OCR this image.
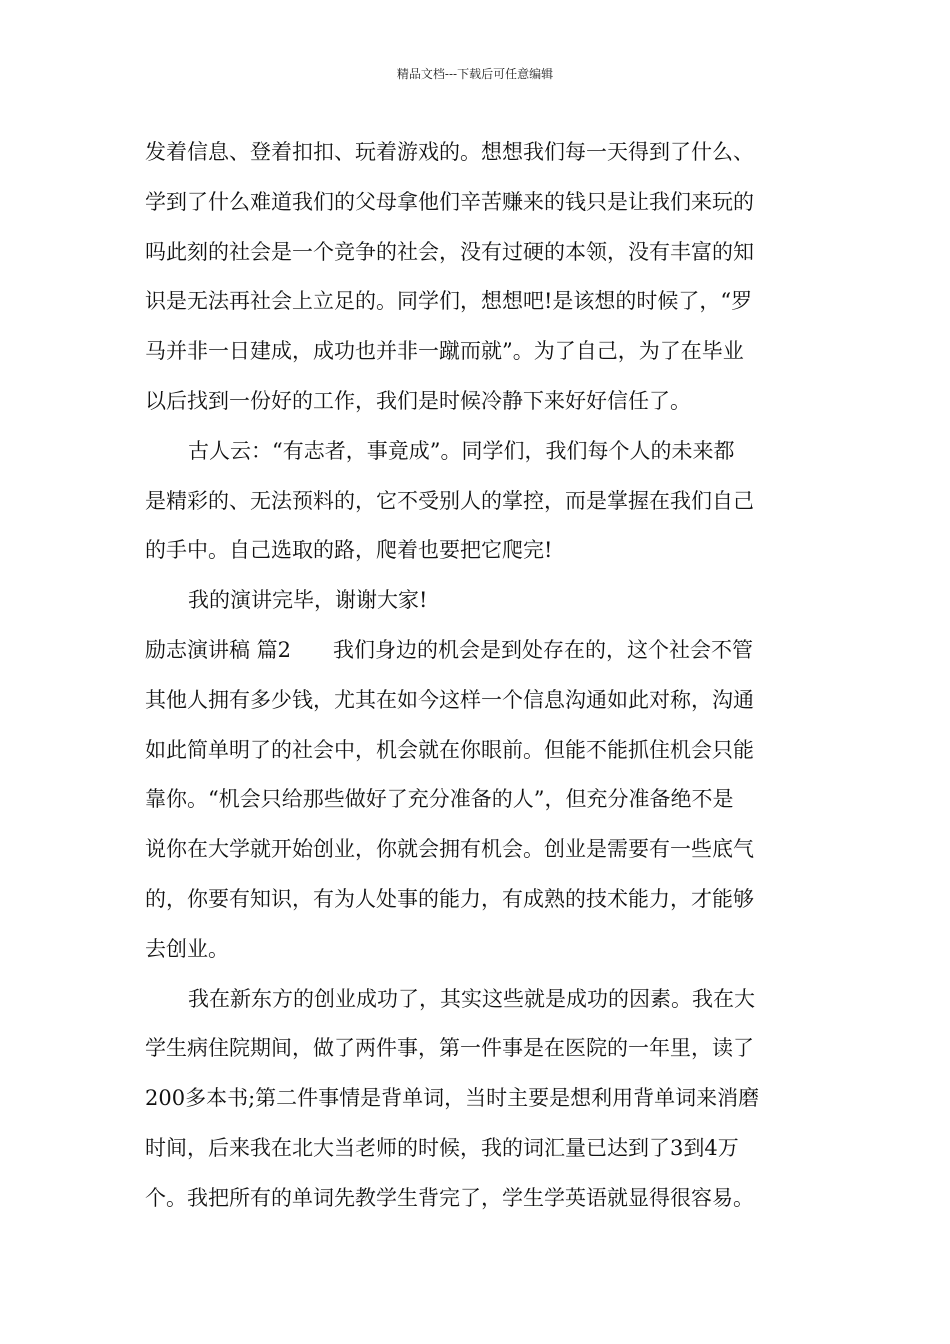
精品文档---下载后可任意编辑
发着信息、登着扣扣、玩着游戏的。想想我们每一天得到了什么、
学到了什么难道我们的父母拿他们辛苦赚来的钱只是让我们来玩的
吗此刻的社会是一个竞争的社会，没有过硬的本领，没有丰富的知
识是无法再社会上立足的。同学们，想想吧!是该想的时候了，“罗
马并非一日建成，成功也并非一蹴而就”。为了自己，为了在毕业
以后找到一份好的工作，我们是时候冷静下来好好信任了。
古人云：“有志者，事竟成”。同学们，我们每个人的未来都
是精彩的、无法预料的，它不受别人的掌控，而是掌握在我们自己
的手中。自己选取的路，爬着也要把它爬完!
我的演讲完毕，谢谢大家!
励志演讲稿 篇2 我们身边的机会是到处存在的，这个社会不管
其他人拥有多少钱，尤其在如今这样一个信息沟通如此对称，沟通
如此简单明了的社会中，机会就在你眼前。但能不能抓住机会只能
靠你。“机会只给那些做好了充分准备的人”，但充分准备绝不是
说你在大学就开始创业，你就会拥有机会。创业是需要有一些底气
的，你要有知识，有为人处事的能力，有成熟的技术能力，才能够
去创业。
我在新东方的创业成功了，其实这些就是成功的因素。我在大
学生病住院期间，做了两件事，第一件事是在医院的一年里，读了
200多本书;第二件事情是背单词，当时主要是想利用背单词来消磨
时间，后来我在北大当老师的时候，我的词汇量已达到了3到4万
个。我把所有的单词先教学生背完了，学生学英语就显得很容易。
